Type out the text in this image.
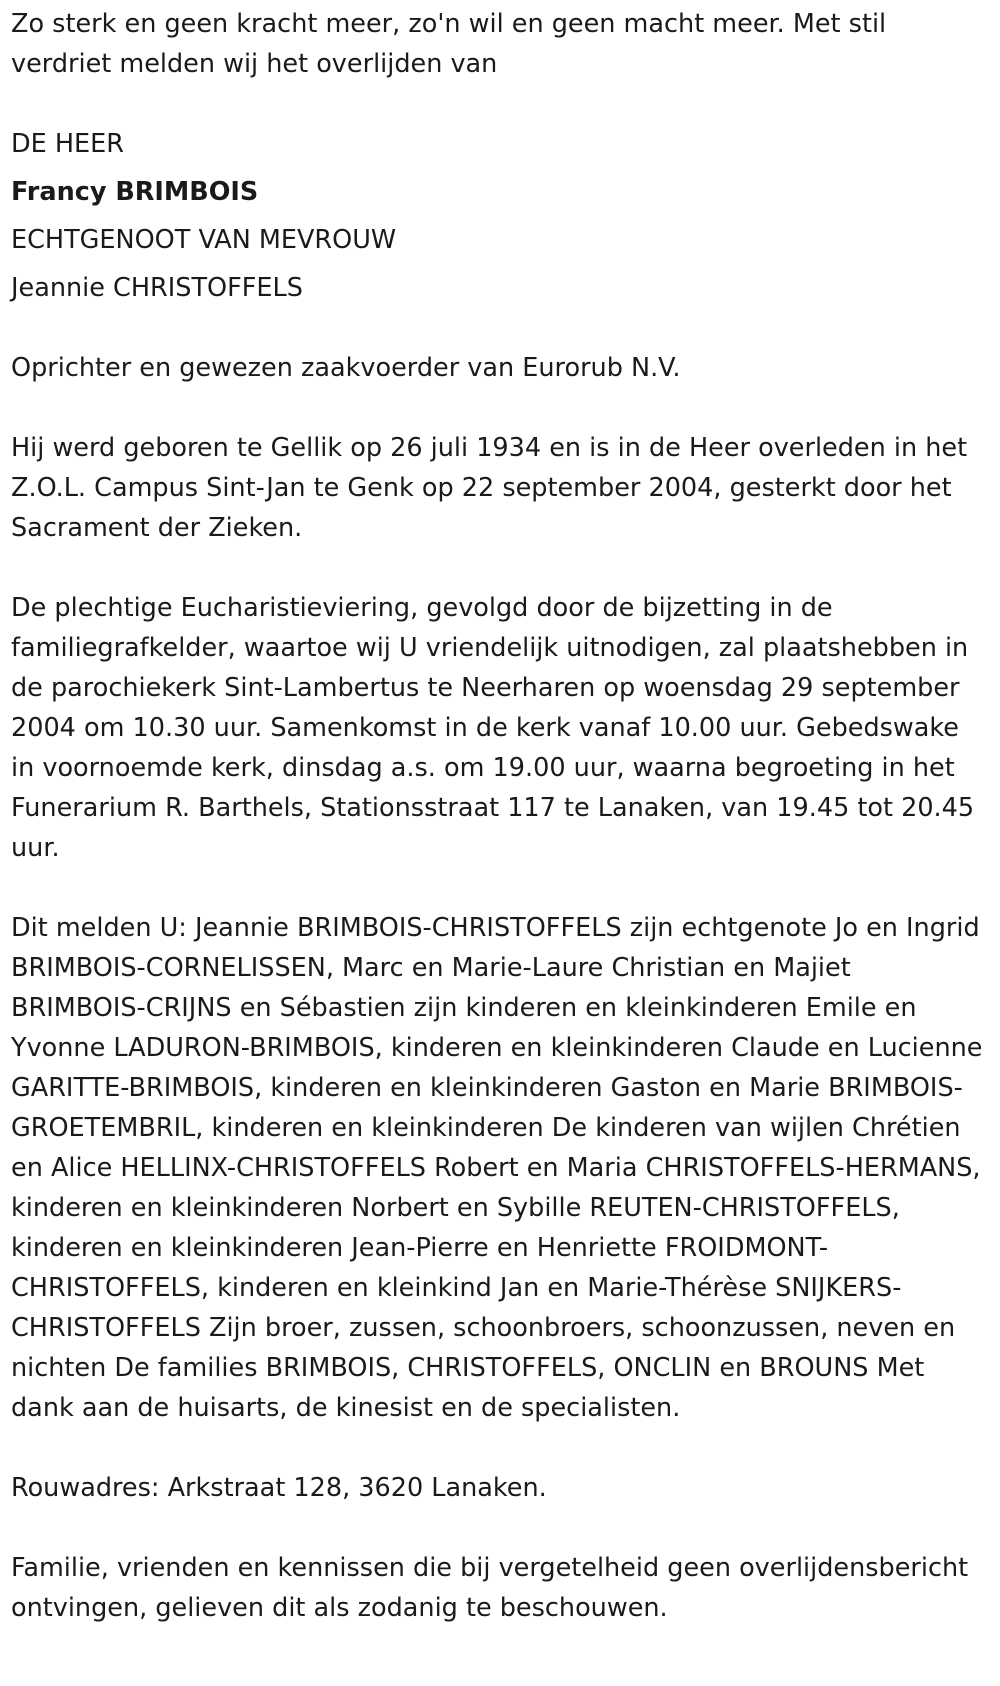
Zo sterk en geen kracht meer, zo'n wil en geen macht meer. Met stil verdriet melden wij het overlijden van

DE HEER
Francy BRIMBOIS
ECHTGENOOT VAN MEVROUW
Jeannie CHRISTOFFELS

Oprichter en gewezen zaakvoerder van Eurorub N.V.

Hij werd geboren te Gellik op 26 juli 1934 en is in de Heer overleden in het Z.O.L. Campus Sint-Jan te Genk op 22 september 2004, gesterkt door het Sacrament der Zieken.

De plechtige Eucharistieviering, gevolgd door de bijzetting in de familiegrafkelder, waartoe wij U vriendelijk uitnodigen, zal plaatshebben in de parochiekerk Sint-Lambertus te Neerharen op woensdag 29 september 2004 om 10.30 uur. Samenkomst in de kerk vanaf 10.00 uur. Gebedswake in voornoemde kerk, dinsdag a.s. om 19.00 uur, waarna begroeting in het Funerarium R. Barthels, Stationsstraat 117 te Lanaken, van 19.45 tot 20.45 uur.

Dit melden U: Jeannie BRIMBOIS-CHRISTOFFELS zijn echtgenote Jo en Ingrid BRIMBOIS-CORNELISSEN, Marc en Marie-Laure Christian en Majiet BRIMBOIS-CRIJNS en Sébastien zijn kinderen en kleinkinderen Emile en Yvonne LADURON-BRIMBOIS, kinderen en kleinkinderen Claude en Lucienne GARITTE-BRIMBOIS, kinderen en kleinkinderen Gaston en Marie BRIMBOIS-GROETEMBRIL, kinderen en kleinkinderen De kinderen van wijlen Chrétien en Alice HELLINX-CHRISTOFFELS Robert en Maria CHRISTOFFELS-HERMANS, kinderen en kleinkinderen Norbert en Sybille REUTEN-CHRISTOFFELS, kinderen en kleinkinderen Jean-Pierre en Henriette FROIDMONT-CHRISTOFFELS, kinderen en kleinkind Jan en Marie-Thérèse SNIJKERS-CHRISTOFFELS Zijn broer, zussen, schoonbroers, schoonzussen, neven en nichten De families BRIMBOIS, CHRISTOFFELS, ONCLIN en BROUNS Met dank aan de huisarts, de kinesist en de specialisten.

Rouwadres: Arkstraat 128, 3620 Lanaken.

Familie, vrienden en kennissen die bij vergetelheid geen overlijdensbericht ontvingen, gelieven dit als zodanig te beschouwen.
